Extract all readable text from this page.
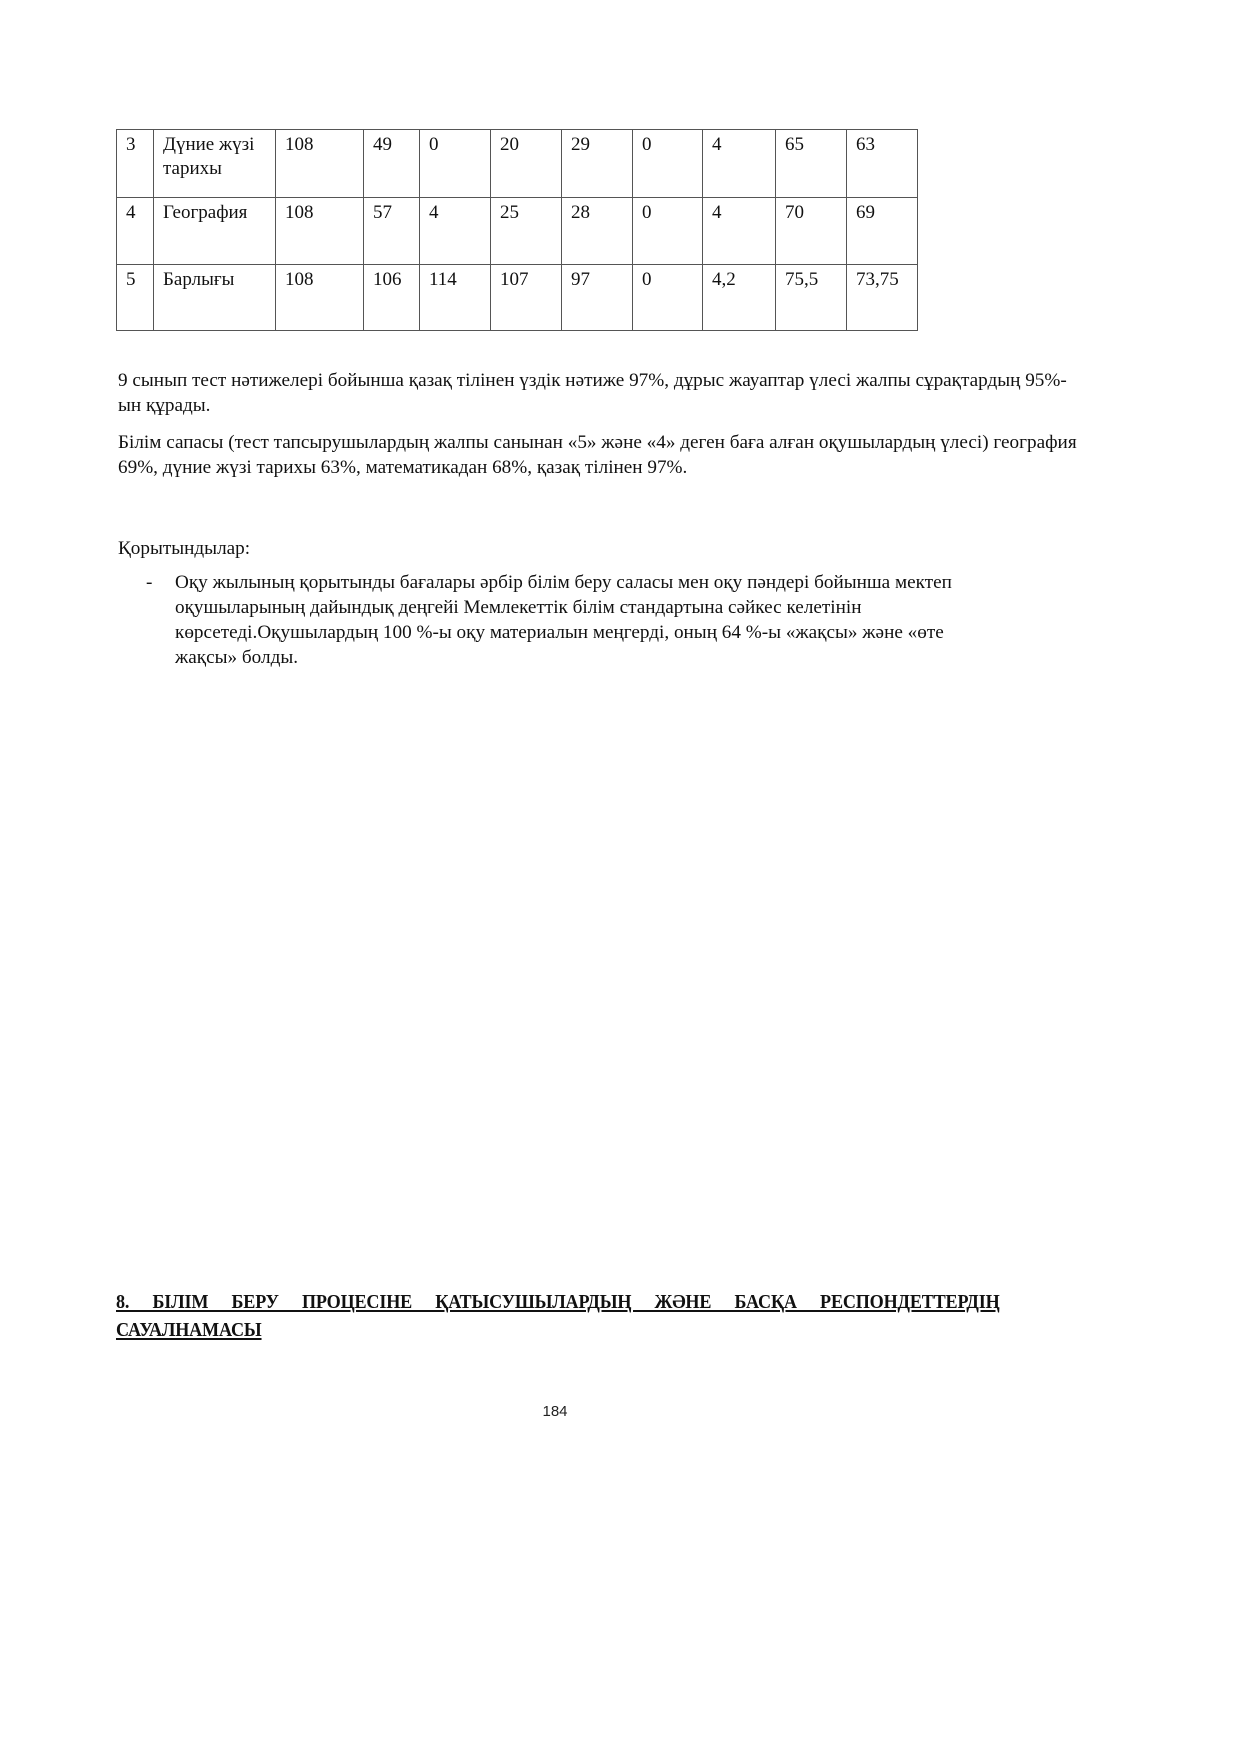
3	Дүние жүзі тарихы	108	49	0	20	29	0	4	65	63
4	География	108	57	4	25	28	0	4	70	69
5	Барлығы	108	106	114	107	97	0	4,2	75,5	73,75

9 сынып тест нәтижелері бойынша қазақ тілінен үздік нәтиже 97%, дұрыс жауаптар үлесі жалпы сұрақтардың 95%-ын құрады.

Білім сапасы (тест тапсырушылардың жалпы санынан «5» және «4» деген баға алған оқушылардың үлесі) география 69%, дүние жүзі тарихы 63%, математикадан 68%, қазақ тілінен 97%.

Қорытындылар:

- Оқу жылының қорытынды бағалары әрбір білім беру саласы мен оқу пәндері бойынша мектеп оқушыларының дайындық деңгейі Мемлекеттік білім стандартына сәйкес келетінін көрсетеді.Оқушылардың 100 %-ы оқу материалын меңгерді, оның 64 %-ы «жақсы» және «өте жақсы» болды.

8. БІЛІМ БЕРУ ПРОЦЕСІНЕ ҚАТЫСУШЫЛАРДЫҢ ЖӘНЕ БАСҚА РЕСПОНДЕТТЕРДІҢ САУАЛНАМАСЫ
184
